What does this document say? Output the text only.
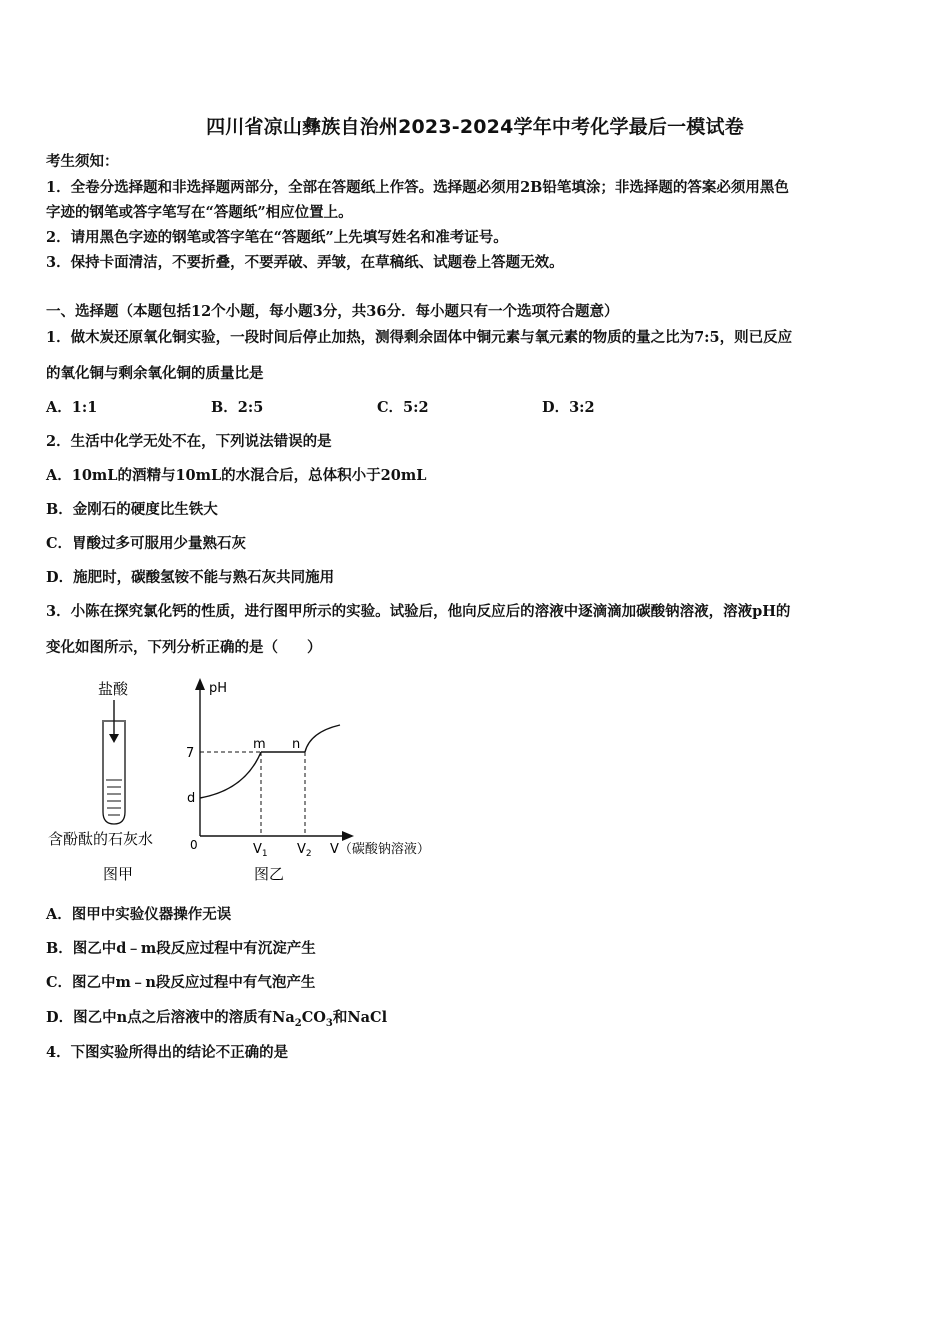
四川省凉山彝族自治州2023-2024学年中考化学最后一模试卷
考生须知：
1．全卷分选择题和非选择题两部分，全部在答题纸上作答。选择题必须用2B铅笔填涂；非选择题的答案必须用黑色
字迹的钢笔或答字笔写在“答题纸”相应位置上。
2．请用黑色字迹的钢笔或答字笔在“答题纸”上先填写姓名和准考证号。
3．保持卡面清洁，不要折叠，不要弄破、弄皱，在草稿纸、试题卷上答题无效。
一、选择题（本题包括12个小题，每小题3分，共36分．每小题只有一个选项符合题意）
1．做木炭还原氧化铜实验，一段时间后停止加热，测得剩余固体中铜元素与氧元素的物质的量之比为7:5，则已反应
的氧化铜与剩余氧化铜的质量比是
A．1:1	B．2:5	C．5:2	D．3:2
2．生活中化学无处不在，下列说法错误的是
A．10mL的酒精与10mL的水混合后，总体积小于20mL
B．金刚石的硬度比生铁大
C．胃酸过多可服用少量熟石灰
D．施肥时，碳酸氢铵不能与熟石灰共同施用
3．小陈在探究氯化钙的性质，进行图甲所示的实验。试验后，他向反应后的溶液中逐滴滴加碳酸钠溶液，溶液pH的
变化如图所示，下列分析正确的是（　　）
盐酸
含酚酞的石灰水
图甲
pH
7
d
0
m n
$V_1$ $V_2$ V（碳酸钠溶液）
图乙
A．图甲中实验仪器操作无误
B．图乙中d﹣m段反应过程中有沉淀产生
C．图乙中m﹣n段反应过程中有气泡产生
D．图乙中n点之后溶液中的溶质有$Na_2CO_3$和NaCl
4．下图实验所得出的结论不正确的是
